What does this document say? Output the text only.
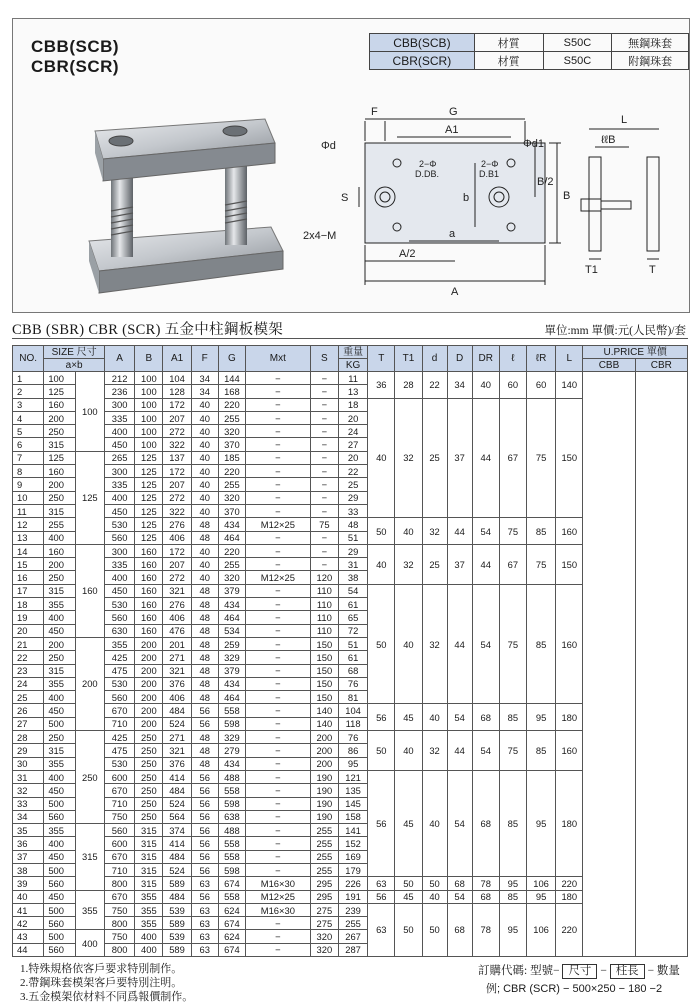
CBB(SCB)
CBR(SCR)
CBB(SCB)	材質	S50C	無鋼珠套
CBR(SCR)	材質	S50C	附鋼珠套
F	G
A1
Φd	Φd1
2−Φ
D.DB.
2−Φ
D.B1
S	b
B/2
B
2x4−M	a
A/2
A
L
ℓℓB
T1	T
CBB (SBR) CBR (SCR) 五金中柱鋼板模架	單位:mm 單價:元(人民幣)/套
NO.	SIZE 尺寸		A	B	A1	F	G	Mxt	S	重量	T	T1	d	D	DR	ℓ	ℓR	L	U.PRICE 單價	
	a×b									KG									CBB	CBR
1	100	100	212	100	104	34	144	−	−	11	36	28	22	34	40	60	60	140		
2	125		236	100	128	34	168	−	−	13										
3	160		300	100	172	40	220	−	−	18	40	32	25	37	44	67	75	150		
4	200		335	100	207	40	255	−	−	20										
5	250		400	100	272	40	320	−	−	24										
6	315		450	100	322	40	370	−	−	27										
7	125	125	265	125	137	40	185	−	−	20										
8	160		300	125	172	40	220	−	−	22										
9	200		335	125	207	40	255	−	−	25										
10	250		400	125	272	40	320	−	−	29										
11	315		450	125	322	40	370	−	−	33										
12	255		530	125	276	48	434	M12×25	75	48	50	40	32	44	54	75	85	160		
13	400		560	125	406	48	464	−	−	51										
14	160	160	300	160	172	40	220	−	−	29	40	32	25	37	44	67	75	150		
15	200		335	160	207	40	255	−	−	31										
16	250		400	160	272	40	320	M12×25	120	38										
17	315		450	160	321	48	379	−	110	54	50	40	32	44	54	75	85	160		
18	355		530	160	276	48	434	−	110	61										
19	400		560	160	406	48	464	−	110	65										
20	450		630	160	476	48	534	−	110	72										
21	200	200	355	200	201	48	259	−	150	51										
22	250		425	200	271	48	329	−	150	61										
23	315		475	200	321	48	379	−	150	68										
24	355		530	200	376	48	434	−	150	76										
25	400		560	200	406	48	464	−	150	81										
26	450		670	200	484	56	558	−	140	104	56	45	40	54	68	85	95	180		
27	500		710	200	524	56	598	−	140	118										
28	250	250	425	250	271	48	329	−	200	76	50	40	32	44	54	75	85	160		
29	315		475	250	321	48	279	−	200	86										
30	355		530	250	376	48	434	−	200	95										
31	400		600	250	414	56	488	−	190	121	56	45	40	54	68	85	95	180		
32	450		670	250	484	56	558	−	190	135										
33	500		710	250	524	56	598	−	190	145										
34	560		750	250	564	56	638	−	190	158										
35	355	315	560	315	374	56	488	−	255	141										
36	400		600	315	414	56	558	−	255	152										
37	450		670	315	484	56	558	−	255	169										
38	500		710	315	524	56	598	−	255	179										
39	560		800	315	589	63	674	M16×30	295	226	63	50	50	68	78	95	106	220		
40	450	355	670	355	484	56	558	M12×25	295	191	56	45	40	54	68	85	95	180		
41	500		750	355	539	63	624	M16×30	275	239	63	50	50	68	78	95	106	220		
42	560		800	355	589	63	674	−	275	255										
43	500	400	750	400	539	63	624	−	320	267										
44	560		800	400	589	63	674	−	320	287										
1.特殊規格依客戶要求特別制作。
2.帶鋼珠套模架客戶要特別注明。
3.五金模架依材料不同爲報價制作。
訂購代碼: 型號− 尺寸 − 柱長 − 數量
例; CBR (SCR) − 500×250 − 180 −2
